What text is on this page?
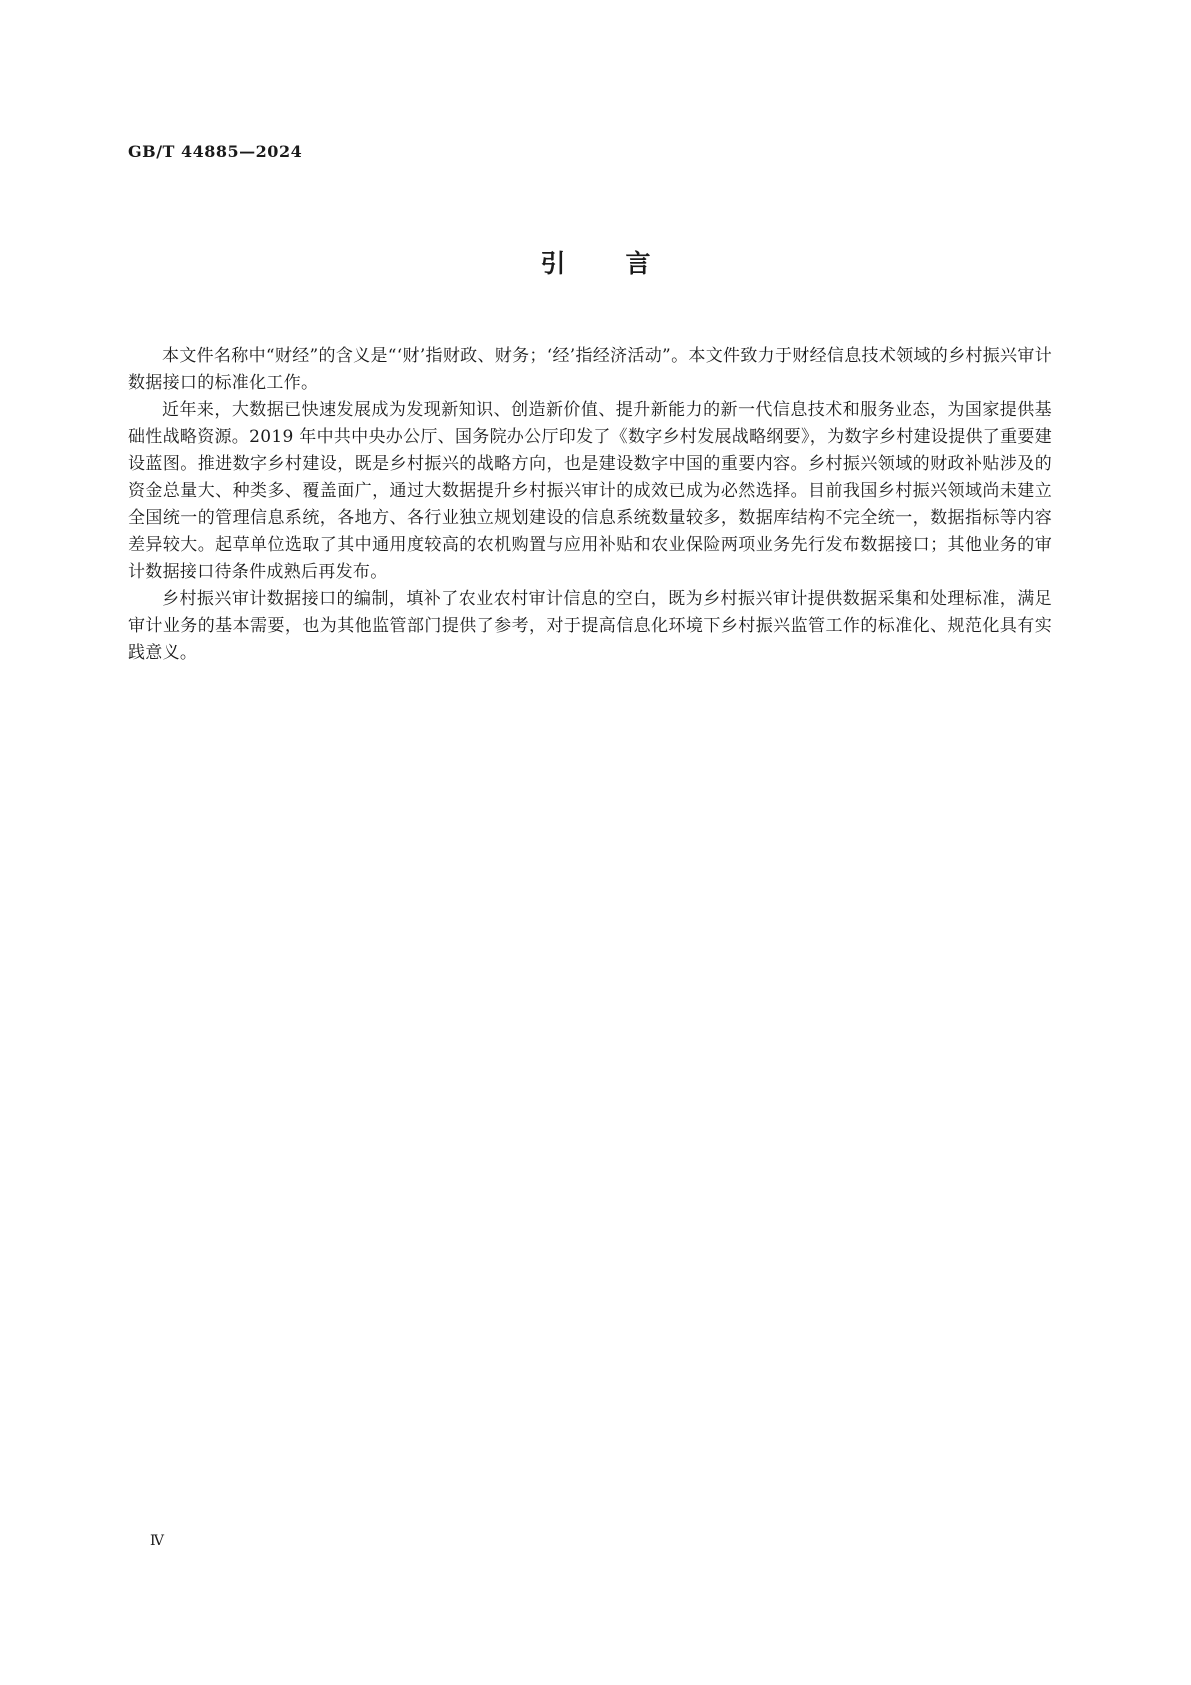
GB/T 44885—2024
引言

本文件名称中“财经”的含义是“‘财’指财政、财务；‘经’指经济活动”。本文件致力于财经信息技术领域的乡村振兴审计数据接口的标准化工作。

近年来，大数据已快速发展成为发现新知识、创造新价值、提升新能力的新一代信息技术和服务业态，为国家提供基础性战略资源。2019 年中共中央办公厅、国务院办公厅印发了《数字乡村发展战略纲要》，为数字乡村建设提供了重要建设蓝图。推进数字乡村建设，既是乡村振兴的战略方向，也是建设数字中国的重要内容。乡村振兴领域的财政补贴涉及的资金总量大、种类多、覆盖面广，通过大数据提升乡村振兴审计的成效已成为必然选择。目前我国乡村振兴领域尚未建立全国统一的管理信息系统，各地方、各行业独立规划建设的信息系统数量较多，数据库结构不完全统一，数据指标等内容差异较大。起草单位选取了其中通用度较高的农机购置与应用补贴和农业保险两项业务先行发布数据接口；其他业务的审计数据接口待条件成熟后再发布。

乡村振兴审计数据接口的编制，填补了农业农村审计信息的空白，既为乡村振兴审计提供数据采集和处理标准，满足审计业务的基本需要，也为其他监管部门提供了参考，对于提高信息化环境下乡村振兴监管工作的标准化、规范化具有实践意义。

Ⅳ
